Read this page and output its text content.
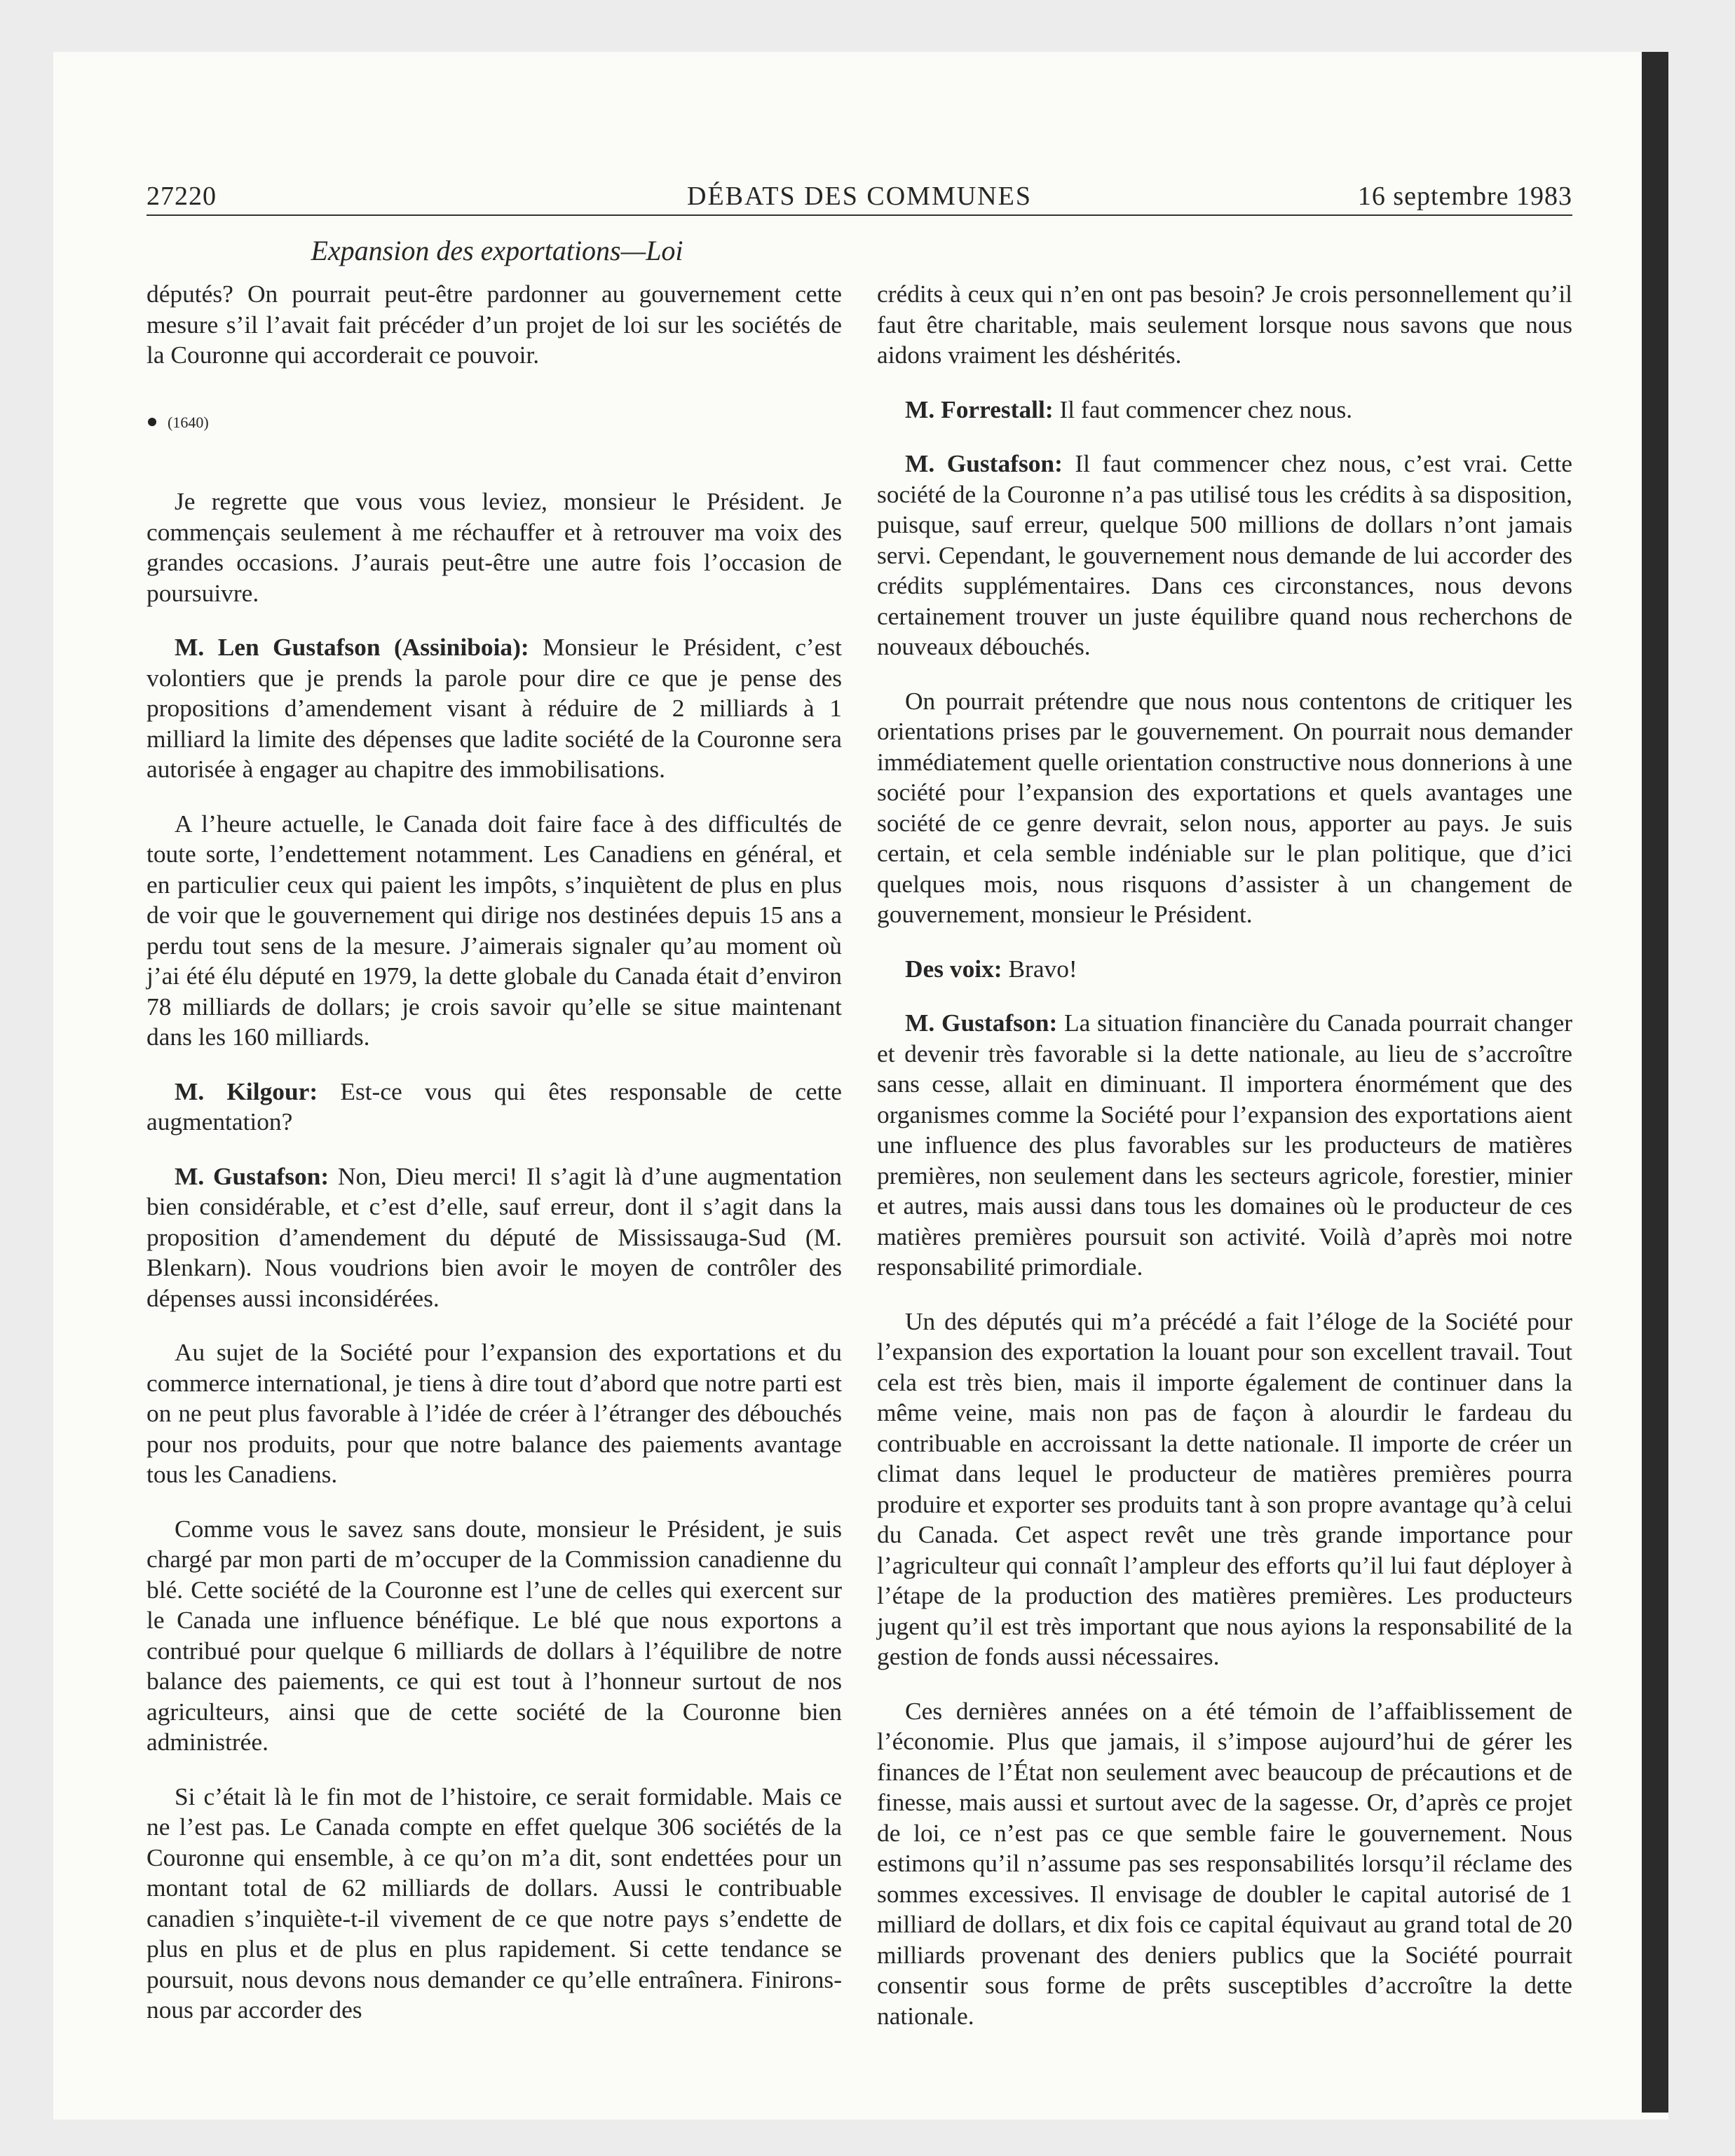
27220	DÉBATS DES COMMUNES	16 septembre 1983
Expansion des exportations—Loi

députés? On pourrait peut-être pardonner au gouvernement cette mesure s’il l’avait fait précéder d’un projet de loi sur les sociétés de la Couronne qui accorderait ce pouvoir.

(1640)

Je regrette que vous vous leviez, monsieur le Président. Je commençais seulement à me réchauffer et à retrouver ma voix des grandes occasions. J’aurais peut-être une autre fois l’occasion de poursuivre.

M. Len Gustafson (Assiniboia): Monsieur le Président, c’est volontiers que je prends la parole pour dire ce que je pense des propositions d’amendement visant à réduire de 2 milliards à 1 milliard la limite des dépenses que ladite société de la Couronne sera autorisée à engager au chapitre des immobilisations.

A l’heure actuelle, le Canada doit faire face à des difficultés de toute sorte, l’endettement notamment. Les Canadiens en général, et en particulier ceux qui paient les impôts, s’inquiètent de plus en plus de voir que le gouvernement qui dirige nos destinées depuis 15 ans a perdu tout sens de la mesure. J’aimerais signaler qu’au moment où j’ai été élu député en 1979, la dette globale du Canada était d’environ 78 milliards de dollars; je crois savoir qu’elle se situe maintenant dans les 160 milliards.

M. Kilgour: Est-ce vous qui êtes responsable de cette augmentation?

M. Gustafson: Non, Dieu merci! Il s’agit là d’une augmentation bien considérable, et c’est d’elle, sauf erreur, dont il s’agit dans la proposition d’amendement du député de Mississauga-Sud (M. Blenkarn). Nous voudrions bien avoir le moyen de contrôler des dépenses aussi inconsidérées.

Au sujet de la Société pour l’expansion des exportations et du commerce international, je tiens à dire tout d’abord que notre parti est on ne peut plus favorable à l’idée de créer à l’étranger des débouchés pour nos produits, pour que notre balance des paiements avantage tous les Canadiens.

Comme vous le savez sans doute, monsieur le Président, je suis chargé par mon parti de m’occuper de la Commission canadienne du blé. Cette société de la Couronne est l’une de celles qui exercent sur le Canada une influence bénéfique. Le blé que nous exportons a contribué pour quelque 6 milliards de dollars à l’équilibre de notre balance des paiements, ce qui est tout à l’honneur surtout de nos agriculteurs, ainsi que de cette société de la Couronne bien administrée.

Si c’était là le fin mot de l’histoire, ce serait formidable. Mais ce ne l’est pas. Le Canada compte en effet quelque 306 sociétés de la Couronne qui ensemble, à ce qu’on m’a dit, sont endettées pour un montant total de 62 milliards de dollars. Aussi le contribuable canadien s’inquiète-t-il vivement de ce que notre pays s’endette de plus en plus et de plus en plus rapidement. Si cette tendance se poursuit, nous devons nous demander ce qu’elle entraînera. Finirons-nous par accorder des

crédits à ceux qui n’en ont pas besoin? Je crois personnellement qu’il faut être charitable, mais seulement lorsque nous savons que nous aidons vraiment les déshérités.

M. Forrestall: Il faut commencer chez nous.

M. Gustafson: Il faut commencer chez nous, c’est vrai. Cette société de la Couronne n’a pas utilisé tous les crédits à sa disposition, puisque, sauf erreur, quelque 500 millions de dollars n’ont jamais servi. Cependant, le gouvernement nous demande de lui accorder des crédits supplémentaires. Dans ces circonstances, nous devons certainement trouver un juste équilibre quand nous recherchons de nouveaux débouchés.

On pourrait prétendre que nous nous contentons de critiquer les orientations prises par le gouvernement. On pourrait nous demander immédiatement quelle orientation constructive nous donnerions à une société pour l’expansion des exportations et quels avantages une société de ce genre devrait, selon nous, apporter au pays. Je suis certain, et cela semble indéniable sur le plan politique, que d’ici quelques mois, nous risquons d’assister à un changement de gouvernement, monsieur le Président.

Des voix: Bravo!

M. Gustafson: La situation financière du Canada pourrait changer et devenir très favorable si la dette nationale, au lieu de s’accroître sans cesse, allait en diminuant. Il importera énormément que des organismes comme la Société pour l’expansion des exportations aient une influence des plus favorables sur les producteurs de matières premières, non seulement dans les secteurs agricole, forestier, minier et autres, mais aussi dans tous les domaines où le producteur de ces matières premières poursuit son activité. Voilà d’après moi notre responsabilité primordiale.

Un des députés qui m’a précédé a fait l’éloge de la Société pour l’expansion des exportation la louant pour son excellent travail. Tout cela est très bien, mais il importe également de continuer dans la même veine, mais non pas de façon à alourdir le fardeau du contribuable en accroissant la dette nationale. Il importe de créer un climat dans lequel le producteur de matières premières pourra produire et exporter ses produits tant à son propre avantage qu’à celui du Canada. Cet aspect revêt une très grande importance pour l’agriculteur qui connaît l’ampleur des efforts qu’il lui faut déployer à l’étape de la production des matières premières. Les producteurs jugent qu’il est très important que nous ayions la responsabilité de la gestion de fonds aussi nécessaires.

Ces dernières années on a été témoin de l’affaiblissement de l’économie. Plus que jamais, il s’impose aujourd’hui de gérer les finances de l’État non seulement avec beaucoup de précautions et de finesse, mais aussi et surtout avec de la sagesse. Or, d’après ce projet de loi, ce n’est pas ce que semble faire le gouvernement. Nous estimons qu’il n’assume pas ses responsabilités lorsqu’il réclame des sommes excessives. Il envisage de doubler le capital autorisé de 1 milliard de dollars, et dix fois ce capital équivaut au grand total de 20 milliards provenant des deniers publics que la Société pourrait consentir sous forme de prêts susceptibles d’accroître la dette nationale.
